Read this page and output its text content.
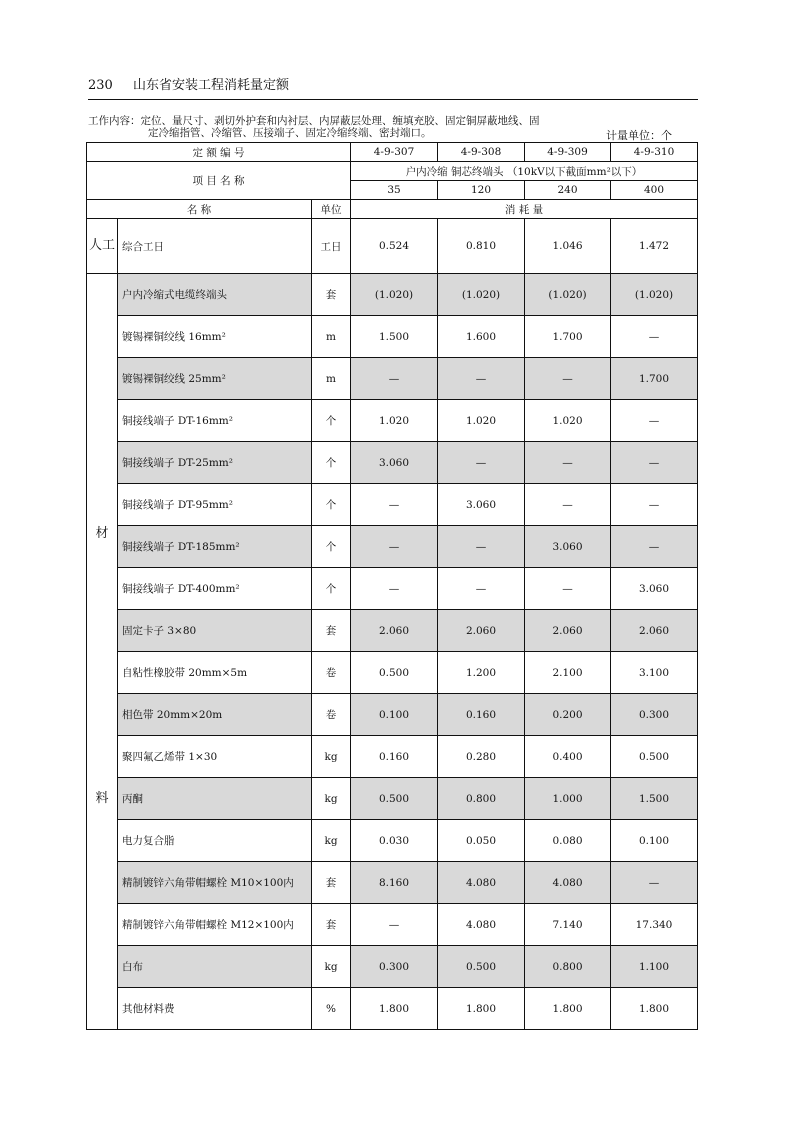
230 山东省安装工程消耗量定额
工作内容：定位、量尺寸、剥切外护套和内衬层、内屏蔽层处理、缠填充胶、固定铜屏蔽地线、固
定冷缩指管、冷缩管、压接端子、固定冷缩终端、密封端口。	计量单位：个
定 额 编 号			4-9-307	4-9-308	4-9-309	4-9-310
项 目 名 称			户内冷缩 铜芯终端头 （10kV以下截面mm²以下）			
			35	120	240	400
名 称		单位	消 耗 量			
人工	综合工日	工日	0.524	0.810	1.046	1.472

材
料	户内冷缩式电缆终端头	套	(1.020)	(1.020)	(1.020)	(1.020)
	镀锡裸铜绞线 16mm²	m	1.500	1.600	1.700	—
	镀锡裸铜绞线 25mm²	m	—	—	—	1.700
	铜接线端子 DT-16mm²	个	1.020	1.020	1.020	—
	铜接线端子 DT-25mm²	个	3.060	—	—	—
	铜接线端子 DT-95mm²	个	—	3.060	—	—
	铜接线端子 DT-185mm²	个	—	—	3.060	—
	铜接线端子 DT-400mm²	个	—	—	—	3.060
	固定卡子 3×80	套	2.060	2.060	2.060	2.060
	自粘性橡胶带 20mm×5m	卷	0.500	1.200	2.100	3.100
	相色带 20mm×20m	卷	0.100	0.160	0.200	0.300
	聚四氟乙烯带 1×30	kg	0.160	0.280	0.400	0.500
	丙酮	kg	0.500	0.800	1.000	1.500
	电力复合脂	kg	0.030	0.050	0.080	0.100
	精制镀锌六角带帽螺栓 M10×100内	套	8.160	4.080	4.080	—
	精制镀锌六角带帽螺栓 M12×100内	套	—	4.080	7.140	17.340
	白布	kg	0.300	0.500	0.800	1.100
	其他材料费	%	1.800	1.800	1.800	1.800
